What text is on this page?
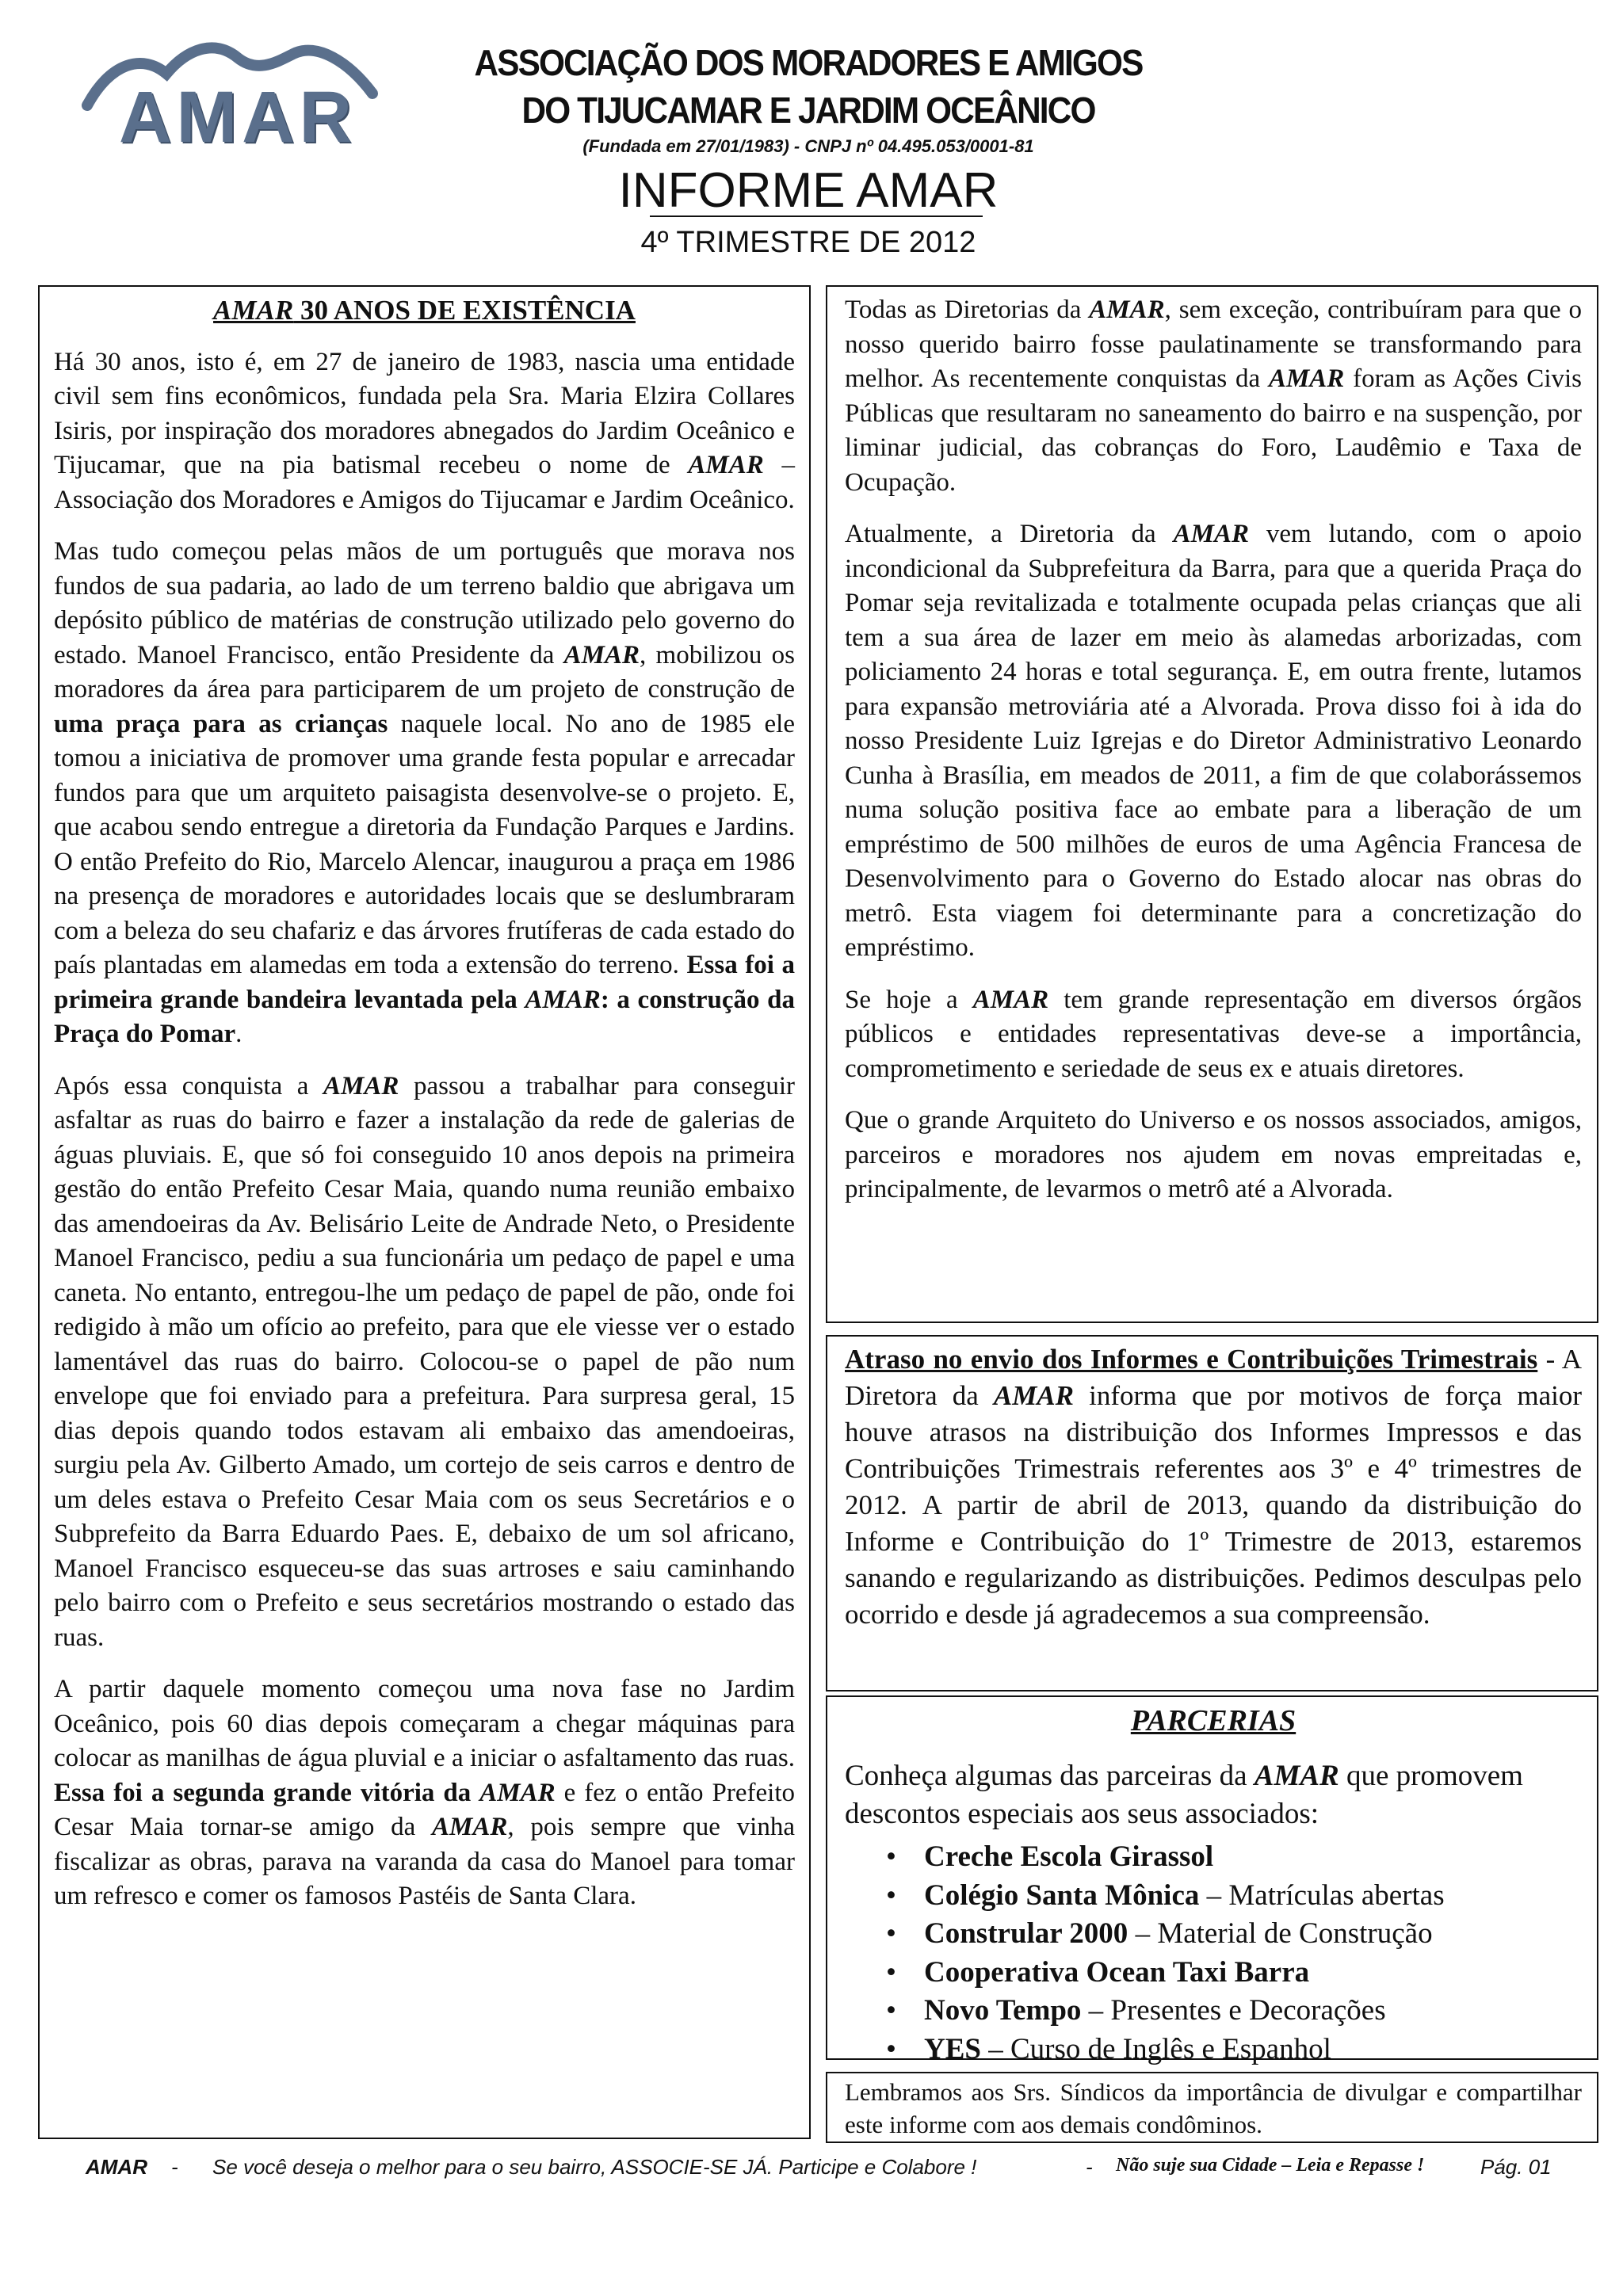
AMAR
ASSOCIAÇÃO DOS MORADORES E AMIGOS
DO TIJUCAMAR E JARDIM OCEÂNICO
(Fundada em 27/01/1983) - CNPJ nº 04.495.053/0001-81
INFORME AMAR
4º TRIMESTRE DE 2012

AMAR 30 ANOS DE EXISTÊNCIA

Há 30 anos, isto é, em 27 de janeiro de 1983, nascia uma entidade civil sem fins econômicos, fundada pela Sra. Maria Elzira Collares Isiris, por inspiração dos moradores abnegados do Jardim Oceânico e Tijucamar, que na pia batismal recebeu o nome de AMAR – Associação dos Moradores e Amigos do Tijucamar e Jardim Oceânico.

Mas tudo começou pelas mãos de um português que morava nos fundos de sua padaria, ao lado de um terreno baldio que abrigava um depósito público de matérias de construção utilizado pelo governo do estado. Manoel Francisco, então Presidente da AMAR, mobilizou os moradores da área para participarem de um projeto de construção de uma praça para as crianças naquele local. No ano de 1985 ele tomou a iniciativa de promover uma grande festa popular e arrecadar fundos para que um arquiteto paisagista desenvolve-se o projeto. E, que acabou sendo entregue a diretoria da Fundação Parques e Jardins. O então Prefeito do Rio, Marcelo Alencar, inaugurou a praça em 1986 na presença de moradores e autoridades locais que se deslumbraram com a beleza do seu chafariz e das árvores frutíferas de cada estado do país plantadas em alamedas em toda a extensão do terreno. Essa foi a primeira grande bandeira levantada pela AMAR: a construção da Praça do Pomar.

Após essa conquista a AMAR passou a trabalhar para conseguir asfaltar as ruas do bairro e fazer a instalação da rede de galerias de águas pluviais. E, que só foi conseguido 10 anos depois na primeira gestão do então Prefeito Cesar Maia, quando numa reunião embaixo das amendoeiras da Av. Belisário Leite de Andrade Neto, o Presidente Manoel Francisco, pediu a sua funcionária um pedaço de papel e uma caneta. No entanto, entregou-lhe um pedaço de papel de pão, onde foi redigido à mão um ofício ao prefeito, para que ele viesse ver o estado lamentável das ruas do bairro. Colocou-se o papel de pão num envelope que foi enviado para a prefeitura. Para surpresa geral, 15 dias depois quando todos estavam ali embaixo das amendoeiras, surgiu pela Av. Gilberto Amado, um cortejo de seis carros e dentro de um deles estava o Prefeito Cesar Maia com os seus Secretários e o Subprefeito da Barra Eduardo Paes. E, debaixo de um sol africano, Manoel Francisco esqueceu-se das suas artroses e saiu caminhando pelo bairro com o Prefeito e seus secretários mostrando o estado das ruas.

A partir daquele momento começou uma nova fase no Jardim Oceânico, pois 60 dias depois começaram a chegar máquinas para colocar as manilhas de água pluvial e a iniciar o asfaltamento das ruas. Essa foi a segunda grande vitória da AMAR e fez o então Prefeito Cesar Maia tornar-se amigo da AMAR, pois sempre que vinha fiscalizar as obras, parava na varanda da casa do Manoel para tomar um refresco e comer os famosos Pastéis de Santa Clara.

Todas as Diretorias da AMAR, sem exceção, contribuíram para que o nosso querido bairro fosse paulatinamente se transformando para melhor. As recentemente conquistas da AMAR foram as Ações Civis Públicas que resultaram no saneamento do bairro e na suspenção, por liminar judicial, das cobranças do Foro, Laudêmio e Taxa de Ocupação.

Atualmente, a Diretoria da AMAR vem lutando, com o apoio incondicional da Subprefeitura da Barra, para que a querida Praça do Pomar seja revitalizada e totalmente ocupada pelas crianças que ali tem a sua área de lazer em meio às alamedas arborizadas, com policiamento 24 horas e total segurança. E, em outra frente, lutamos para expansão metroviária até a Alvorada. Prova disso foi à ida do nosso Presidente Luiz Igrejas e do Diretor Administrativo Leonardo Cunha à Brasília, em meados de 2011, a fim de que colaborássemos numa solução positiva face ao embate para a liberação de um empréstimo de 500 milhões de euros de uma Agência Francesa de Desenvolvimento para o Governo do Estado alocar nas obras do metrô. Esta viagem foi determinante para a concretização do empréstimo.

Se hoje a AMAR tem grande representação em diversos órgãos públicos e entidades representativas deve-se a importância, comprometimento e seriedade de seus ex e atuais diretores.

Que o grande Arquiteto do Universo e os nossos associados, amigos, parceiros e moradores nos ajudem em novas empreitadas e, principalmente, de levarmos o metrô até a Alvorada.

Atraso no envio dos Informes e Contribuições Trimestrais - A Diretora da AMAR informa que por motivos de força maior houve atrasos na distribuição dos Informes Impressos e das Contribuições Trimestrais referentes aos 3º e 4º trimestres de 2012. A partir de abril de 2013, quando da distribuição do Informe e Contribuição do 1º Trimestre de 2013, estaremos sanando e regularizando as distribuições. Pedimos desculpas pelo ocorrido e desde já agradecemos a sua compreensão.

PARCERIAS

Conheça algumas das parceiras da AMAR que promovem descontos especiais aos seus associados:

• Creche Escola Girassol
• Colégio Santa Mônica – Matrículas abertas
• Constrular 2000 – Material de Construção
• Cooperativa Ocean Taxi Barra
• Novo Tempo – Presentes e Decorações
• YES – Curso de Inglês e Espanhol

Lembramos aos Srs. Síndicos da importância de divulgar e compartilhar este informe com aos demais condôminos.

AMAR - Se você deseja o melhor para o seu bairro, ASSOCIE-SE JÁ. Participe e Colabore !	- Não suje sua Cidade – Leia e Repasse !	Pág. 01
